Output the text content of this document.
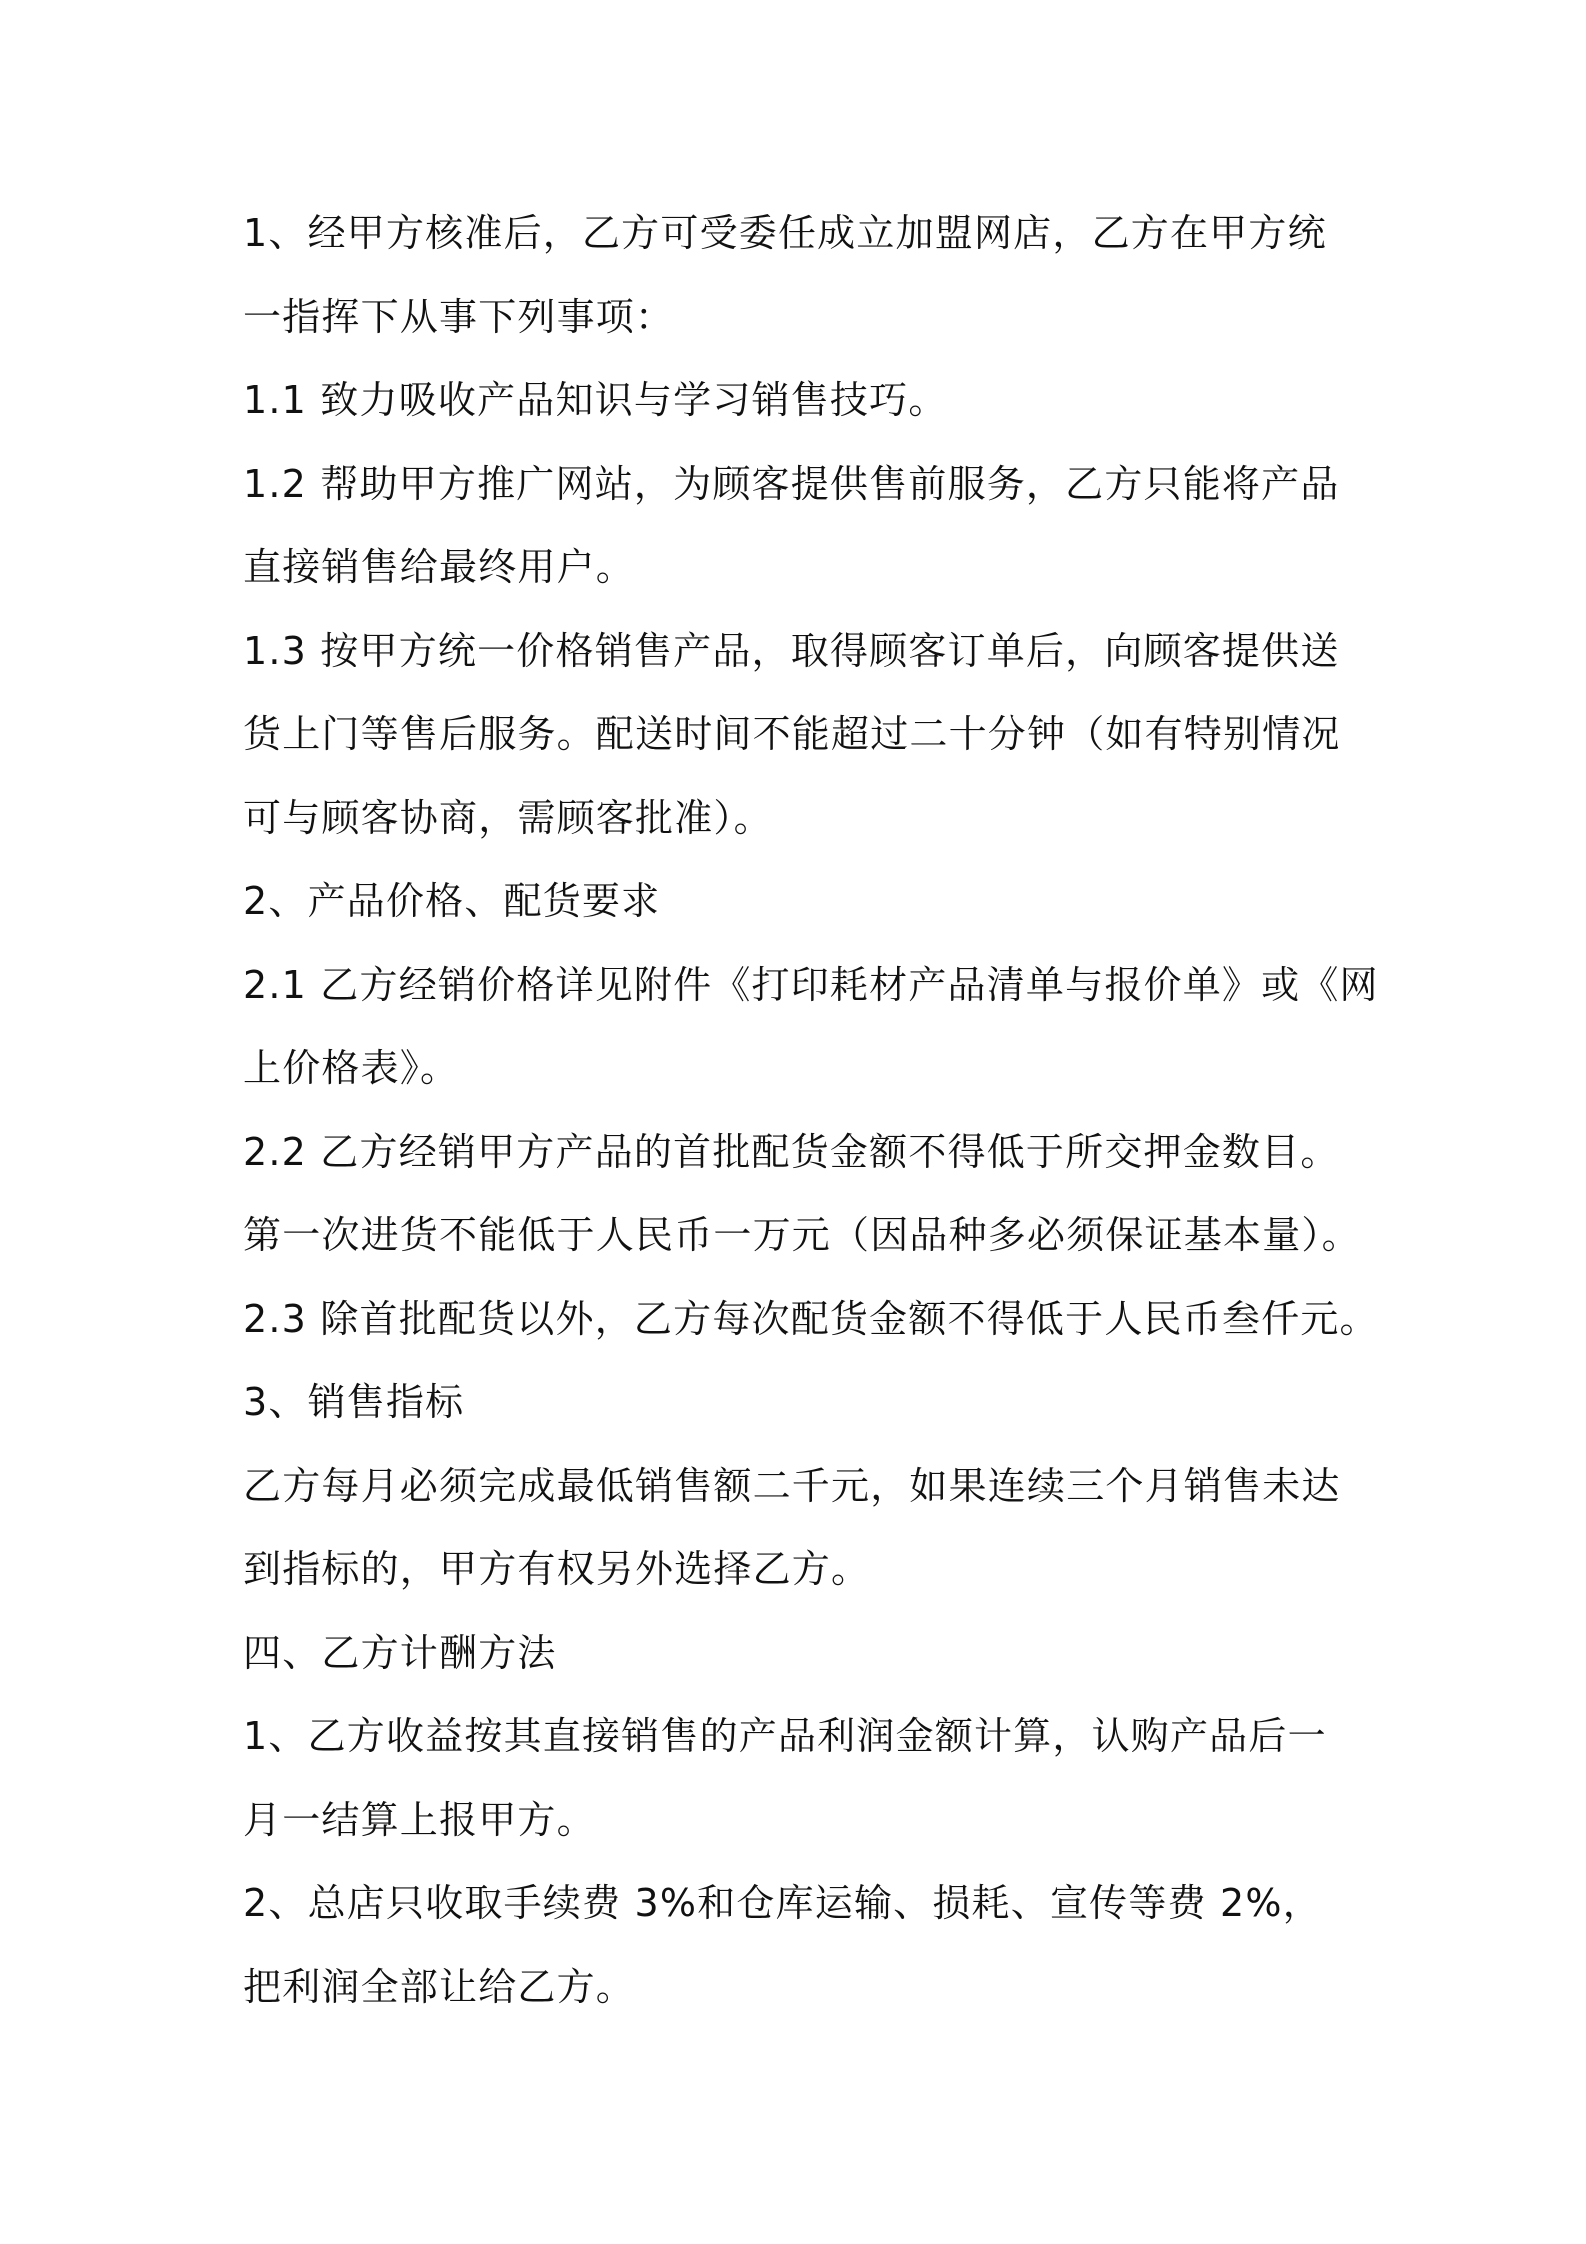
1、经甲方核准后，乙方可受委任成立加盟网店，乙方在甲方统
一指挥下从事下列事项：
1.1 致力吸收产品知识与学习销售技巧。
1.2 帮助甲方推广网站，为顾客提供售前服务，乙方只能将产品
直接销售给最终用户。
1.3 按甲方统一价格销售产品，取得顾客订单后，向顾客提供送
货上门等售后服务。配送时间不能超过二十分钟（如有特别情况
可与顾客协商，需顾客批准）。
2、产品价格、配货要求
2.1 乙方经销价格详见附件《打印耗材产品清单与报价单》或《网
上价格表》。
2.2 乙方经销甲方产品的首批配货金额不得低于所交押金数目。
第一次进货不能低于人民币一万元（因品种多必须保证基本量）。
2.3 除首批配货以外，乙方每次配货金额不得低于人民币叁仟元。
3、销售指标
乙方每月必须完成最低销售额二千元，如果连续三个月销售未达
到指标的，甲方有权另外选择乙方。
四、乙方计酬方法
1、乙方收益按其直接销售的产品利润金额计算，认购产品后一
月一结算上报甲方。
2、总店只收取手续费 3%和仓库运输、损耗、宣传等费 2%，
把利润全部让给乙方。
